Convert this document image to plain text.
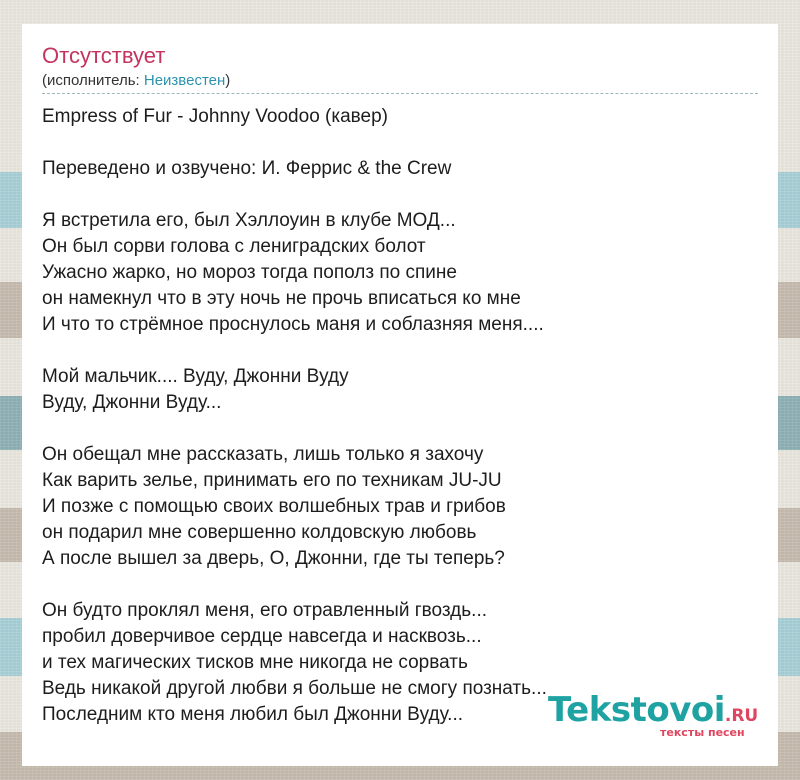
Отсутствует
(исполнитель: Неизвестен)
Empress of Fur - Johnny Voodoo (кавер)
Переведено и озвучено: И. Феррис & the Crew
Я встретила его, был Хэллоуин в клубе МОД...
Он был сорви голова с лениградских болот
Ужасно жарко, но мороз тогда пополз по спине
он намекнул что в эту ночь не прочь вписаться ко мне
И что то стрёмное проснулось маня и соблазняя меня....
Мой мальчик.... Вуду, Джонни Вуду
Вуду, Джонни Вуду...
Он обещал мне рассказать, лишь только я захочу
Как варить зелье, принимать его по техникам JU-JU
И позже с помощью своих волшебных трав и грибов
он подарил мне совершенно колдовскую любовь
А после вышел за дверь, О, Джонни, где ты теперь?
Он будто проклял меня, его отравленный гвоздь...
пробил доверчивое сердце навсегда и насквозь...
и тех магических тисков мне никогда не сорвать
Ведь никакой другой любви я больше не смогу познать...
Последним кто меня любил был Джонни Вуду...	Tekstovoi.RU
тексты песен
